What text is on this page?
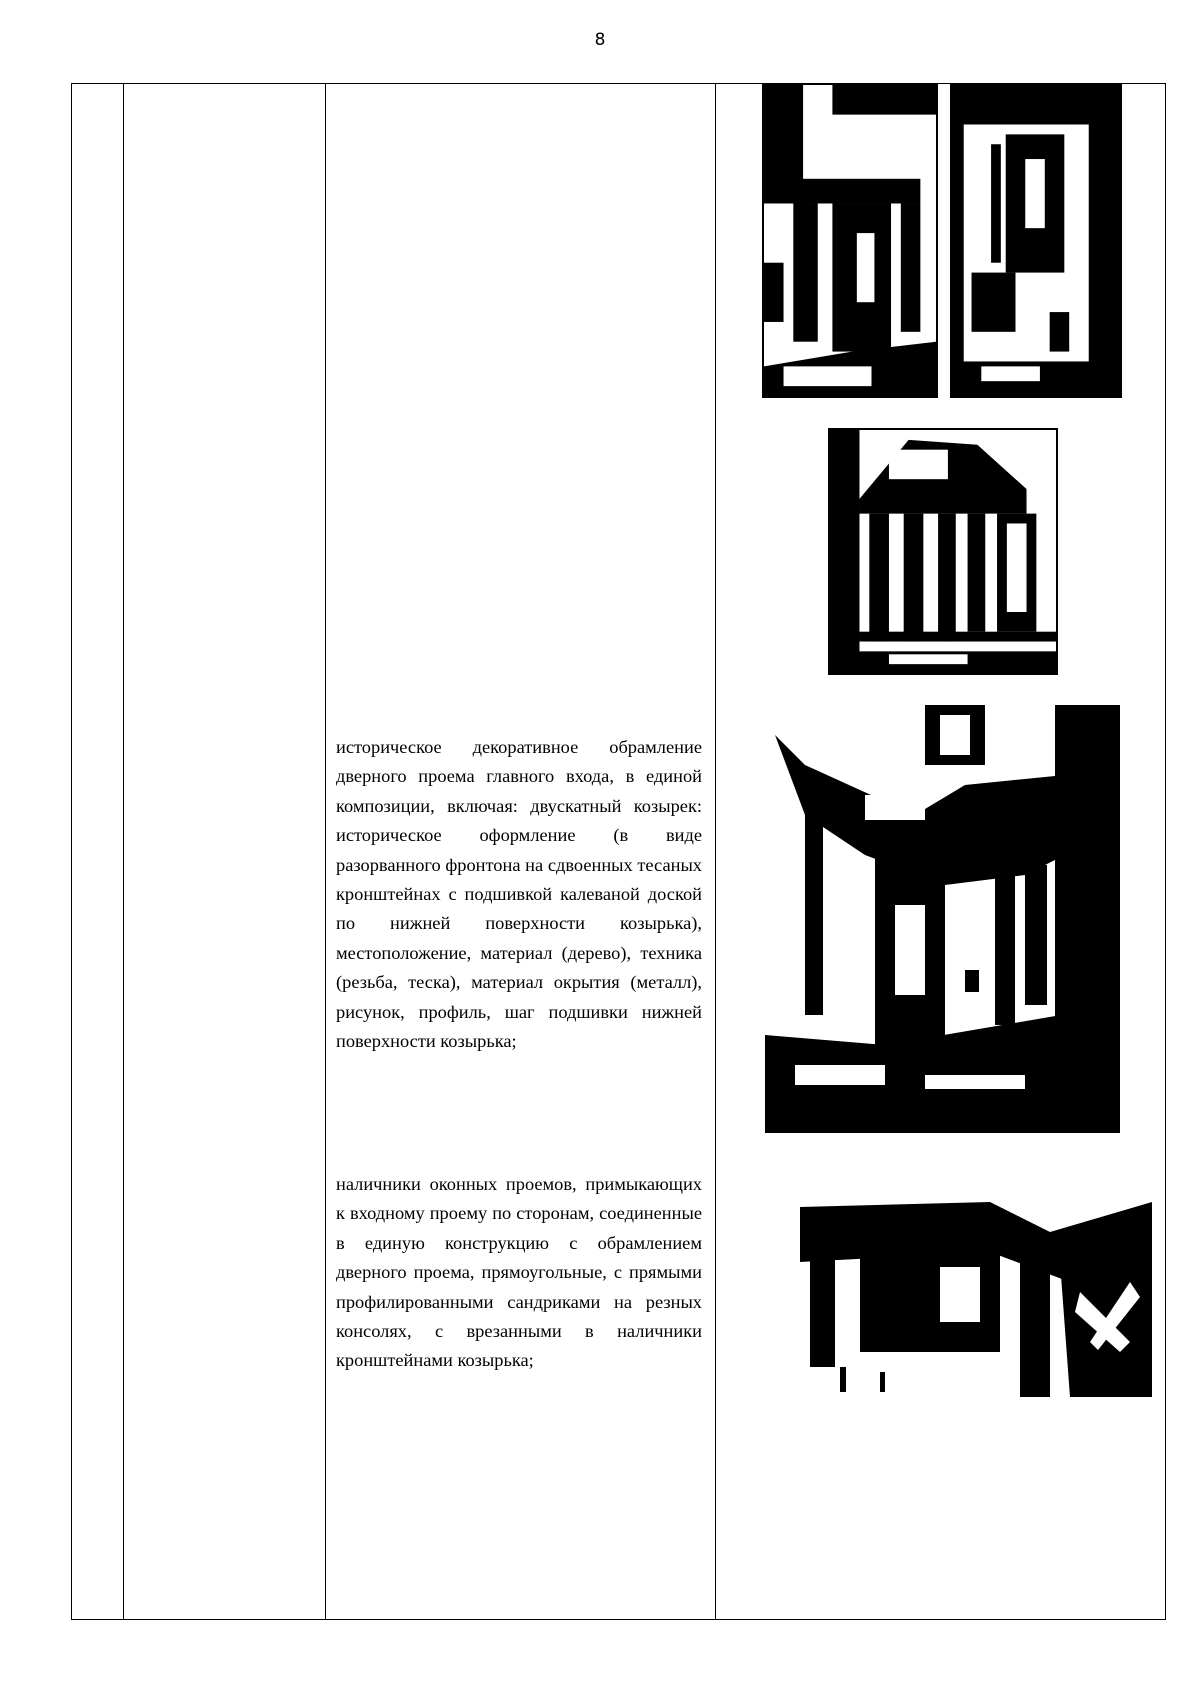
8

историческое декоративное обрамление дверного проема главного входа, в единой композиции, включая: двускатный козырек: историческое оформление (в виде разорванного фронтона на сдвоенных тесаных кронштейнах с подшивкой калеваной доской по нижней поверхности козырька), местоположение, материал (дерево), техника (резьба, теска), материал окрытия (металл), рисунок, профиль, шаг подшивки нижней поверхности козырька;

наличники оконных проемов, примыкающих к входному проему по сторонам, соединенные в единую конструкцию с обрамлением дверного проема, прямоугольные, с прямыми профилированными сандриками на резных консолях, с врезанными в наличники кронштейнами козырька;
